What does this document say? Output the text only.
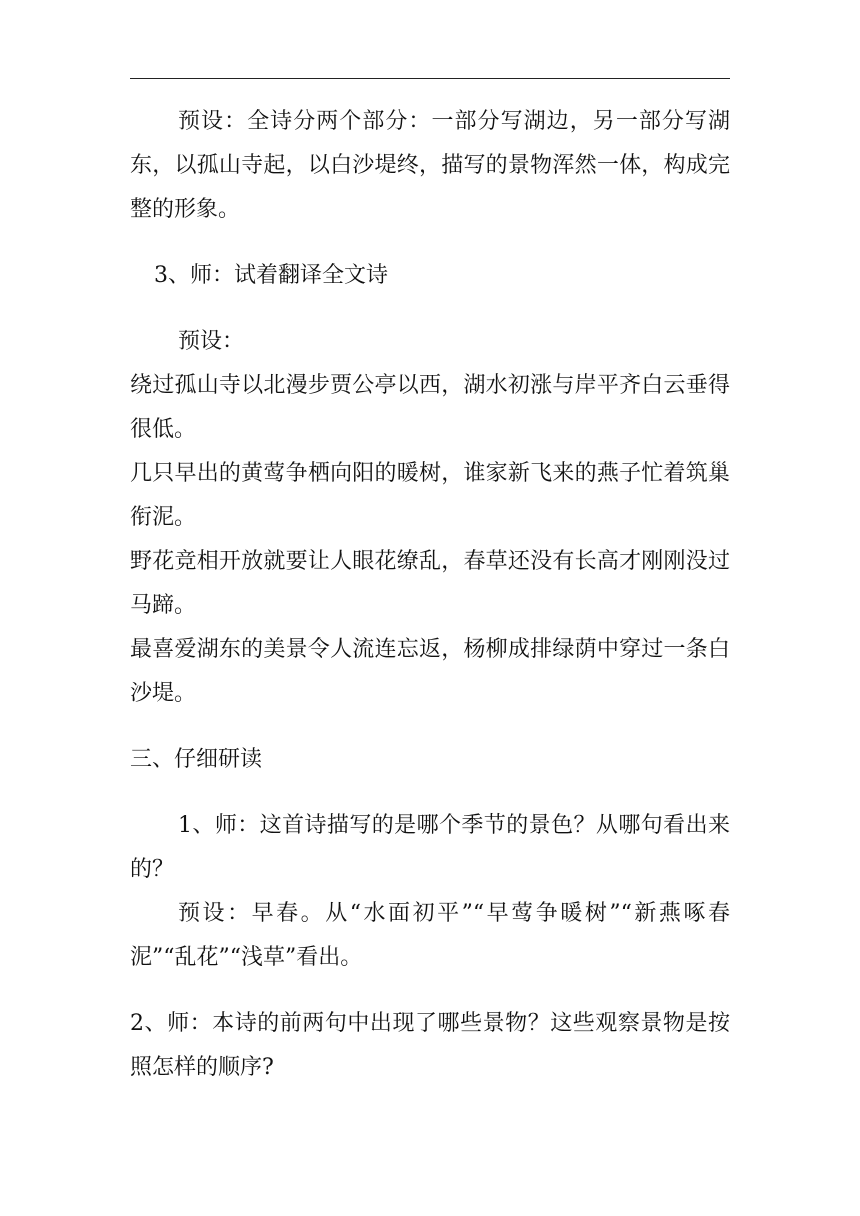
预设：全诗分两个部分：一部分写湖边，另一部分写湖东，以孤山寺起，以白沙堤终，描写的景物浑然一体，构成完整的形象。

3、师：试着翻译全文诗

预设：

绕过孤山寺以北漫步贾公亭以西，湖水初涨与岸平齐白云垂得很低。

几只早出的黄莺争栖向阳的暖树，谁家新飞来的燕子忙着筑巢衔泥。

野花竞相开放就要让人眼花缭乱，春草还没有长高才刚刚没过马蹄。

最喜爱湖东的美景令人流连忘返，杨柳成排绿荫中穿过一条白沙堤。

三、仔细研读

1、师：这首诗描写的是哪个季节的景色？从哪句看出来的？

预设：早春。从“水面初平”“早莺争暖树”“新燕啄春泥”“乱花”“浅草”看出。

2、师：本诗的前两句中出现了哪些景物？这些观察景物是按照怎样的顺序?
